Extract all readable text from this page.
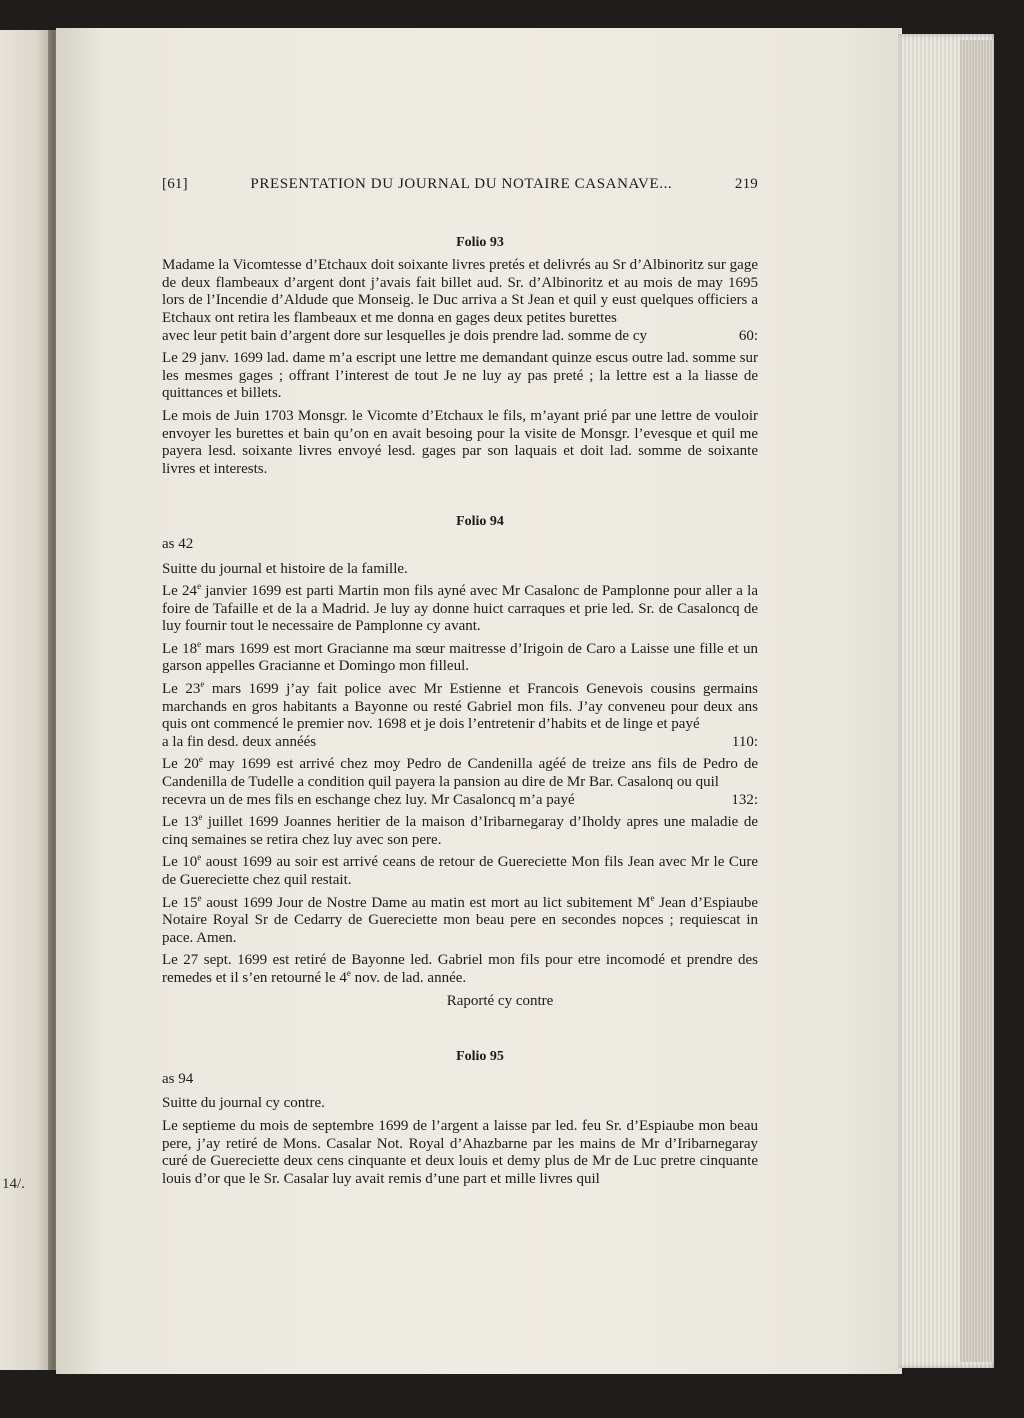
14/.
[61]	PRESENTATION DU JOURNAL DU NOTAIRE CASANAVE...	219
Folio 93

Madame la Vicomtesse d’Etchaux doit soixante livres pretés et delivrés au Sr d’Albinoritz sur gage de deux flambeaux d’argent dont j’avais fait billet aud. Sr. d’Albinoritz et au mois de may 1695 lors de l’Incendie d’Aldude que Monseig. le Duc arriva a St Jean et quil y eust quelques officiers a Etchaux ont retira les flambeaux et me donna en gages deux petites burettes
avec leur petit bain d’argent dore sur lesquelles je dois prendre lad. somme de cy	60:

Le 29 janv. 1699 lad. dame m’a escript une lettre me demandant quinze escus outre lad. somme sur les mesmes gages ; offrant l’interest de tout Je ne luy ay pas preté ; la lettre est a la liasse de quittances et billets.

Le mois de Juin 1703 Monsgr. le Vicomte d’Etchaux le fils, m’ayant prié par une lettre de vouloir envoyer les burettes et bain qu’on en avait besoing pour la visite de Monsgr. l’evesque et quil me payera lesd. soixante livres envoyé lesd. gages par son laquais et doit lad. somme de soixante livres et interests.

Folio 94

as 42

Suitte du journal et histoire de la famille.

Le 24e janvier 1699 est parti Martin mon fils ayné avec Mr Casalonc de Pamplonne pour aller a la foire de Tafaille et de la a Madrid. Je luy ay donne huict carraques et prie led. Sr. de Casaloncq de luy fournir tout le necessaire de Pamplonne cy avant.

Le 18e mars 1699 est mort Gracianne ma sœur maitresse d’Irigoin de Caro a Laisse une fille et un garson appelles Gracianne et Domingo mon filleul.

Le 23e mars 1699 j’ay fait police avec Mr Estienne et Francois Genevois cousins germains marchands en gros habitants a Bayonne ou resté Gabriel mon fils. J’ay conveneu pour deux ans quis ont commencé le premier nov. 1698 et je dois l’entretenir d’habits et de linge et payé
a la fin desd. deux annéés	110:

Le 20e may 1699 est arrivé chez moy Pedro de Candenilla agéé de treize ans fils de Pedro de Candenilla de Tudelle a condition quil payera la pansion au dire de Mr Bar. Casalonq ou quil
recevra un de mes fils en eschange chez luy. Mr Casaloncq m’a payé	132:

Le 13e juillet 1699 Joannes heritier de la maison d’Iribarnegaray d’Iholdy apres une maladie de cinq semaines se retira chez luy avec son pere.

Le 10e aoust 1699 au soir est arrivé ceans de retour de Guereciette Mon fils Jean avec Mr le Cure de Guereciette chez quil restait.

Le 15e aoust 1699 Jour de Nostre Dame au matin est mort au lict subitement Me Jean d’Espiaube Notaire Royal Sr de Cedarry de Guereciette mon beau pere en secondes nopces ; requiescat in pace. Amen.

Le 27 sept. 1699 est retiré de Bayonne led. Gabriel mon fils pour etre incomodé et prendre des remedes et il s’en retourné le 4e nov. de lad. année.

Raporté cy contre

Folio 95

as 94

Suitte du journal cy contre.

Le septieme du mois de septembre 1699 de l’argent a laisse par led. feu Sr. d’Espiaube mon beau pere, j’ay retiré de Mons. Casalar Not. Royal d’Ahazbarne par les mains de Mr d’Iribarnegaray curé de Guereciette deux cens cinquante et deux louis et demy plus de Mr de Luc pretre cinquante louis d’or que le Sr. Casalar luy avait remis d’une part et mille livres quil
